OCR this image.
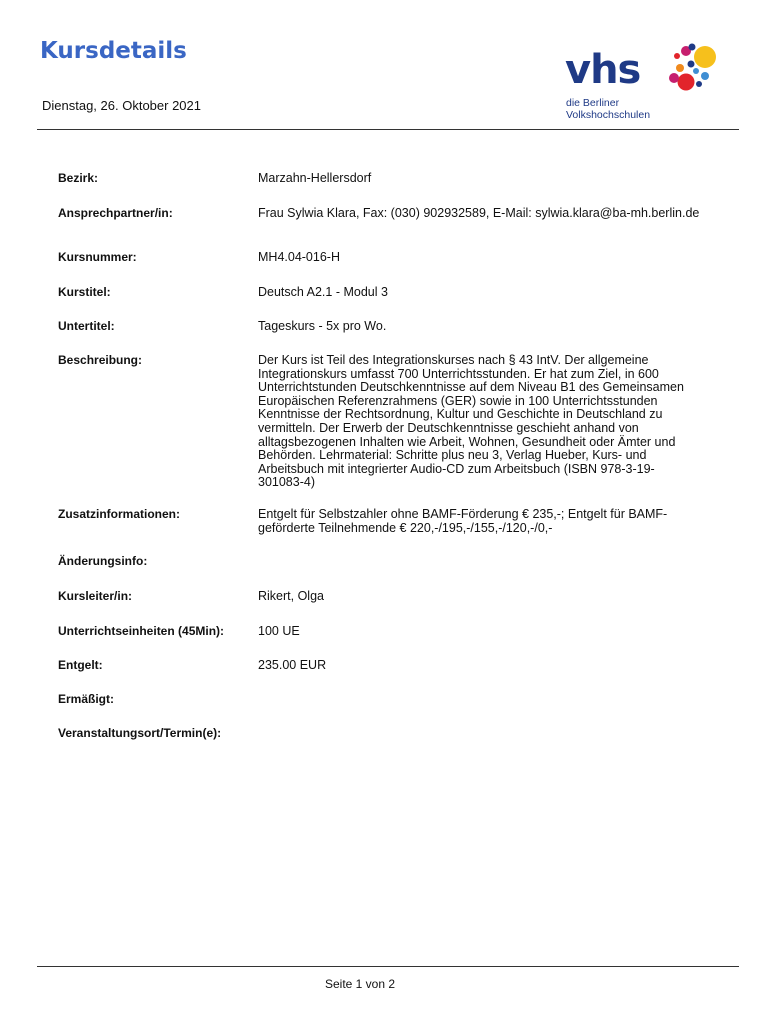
Kursdetails
Dienstag, 26. Oktober 2021
vhs
die Berliner
Volkshochschulen
Bezirk:	Marzahn-Hellersdorf
Ansprechpartner/in:	Frau Sylwia Klara, Fax: (030) 902932589, E-Mail: sylwia.klara@ba-mh.berlin.de
Kursnummer:	MH4.04-016-H
Kurstitel:	Deutsch A2.1 - Modul 3
Untertitel:	Tageskurs - 5x pro Wo.
Beschreibung:	Der Kurs ist Teil des Integrationskurses nach § 43 IntV. Der allgemeine Integrationskurs umfasst 700 Unterrichtsstunden. Er hat zum Ziel, in 600 Unterrichtstunden Deutschkenntnisse auf dem Niveau B1 des Gemeinsamen Europäischen Referenzrahmens (GER) sowie in 100 Unterrichtsstunden Kenntnisse der Rechtsordnung, Kultur und Geschichte in Deutschland zu vermitteln. Der Erwerb der Deutschkenntnisse geschieht anhand von alltagsbezogenen Inhalten wie Arbeit, Wohnen, Gesundheit oder Ämter und Behörden. Lehrmaterial: Schritte plus neu 3, Verlag Hueber, Kurs- und Arbeitsbuch mit integrierter Audio-CD zum Arbeitsbuch (ISBN 978-3-19-301083-4)
Zusatzinformationen:	Entgelt für Selbstzahler ohne BAMF-Förderung € 235,-; Entgelt für BAMF-geförderte Teilnehmende € 220,-/195,-/155,-/120,-/0,-
Änderungsinfo:
Kursleiter/in:	Rikert, Olga
Unterrichtseinheiten (45Min):	100 UE
Entgelt:	235.00 EUR
Ermäßigt:
Veranstaltungsort/Termin(e):
Seite 1 von 2
